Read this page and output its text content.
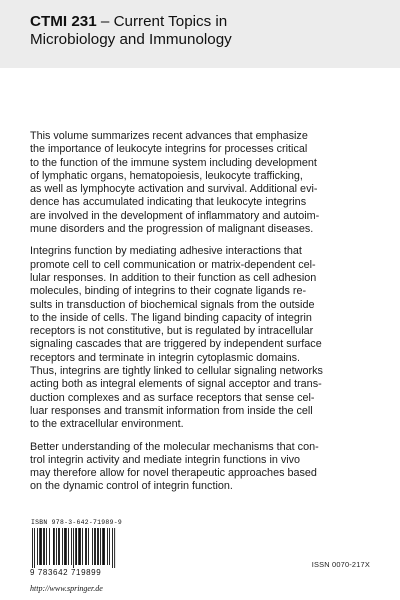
CTMI 231 – Current Topics in
Microbiology and Immunology

This volume summarizes recent advances that emphasize
the importance of leukocyte integrins for processes critical
to the function of the immune system including development
of lymphatic organs, hematopoiesis, leukocyte trafficking,
as well as lymphocyte activation and survival. Additional evi-
dence has accumulated indicating that leukocyte integrins
are involved in the development of inflammatory and autoim-
mune disorders and the progression of malignant diseases.

Integrins function by mediating adhesive interactions that
promote cell to cell communication or matrix-dependent cel-
lular responses. In addition to their function as cell adhesion
molecules, binding of integrins to their cognate ligands re-
sults in transduction of biochemical signals from the outside
to the inside of cells. The ligand binding capacity of integrin
receptors is not constitutive, but is regulated by intracellular
signaling cascades that are triggered by independent surface
receptors and terminate in integrin cytoplasmic domains.
Thus, integrins are tightly linked to cellular signaling networks
acting both as integral elements of signal acceptor and trans-
duction complexes and as surface receptors that sense cel-
luar responses and transmit information from inside the cell
to the extracellular environment.

Better understanding of the molecular mechanisms that con-
trol integrin activity and mediate integrin functions in vivo
may therefore allow for novel therapeutic approaches based
on the dynamic control of integrin function.

ISBN 978-3-642-71989-9
9 783642 719899
http://www.springer.de
ISSN 0070-217X
